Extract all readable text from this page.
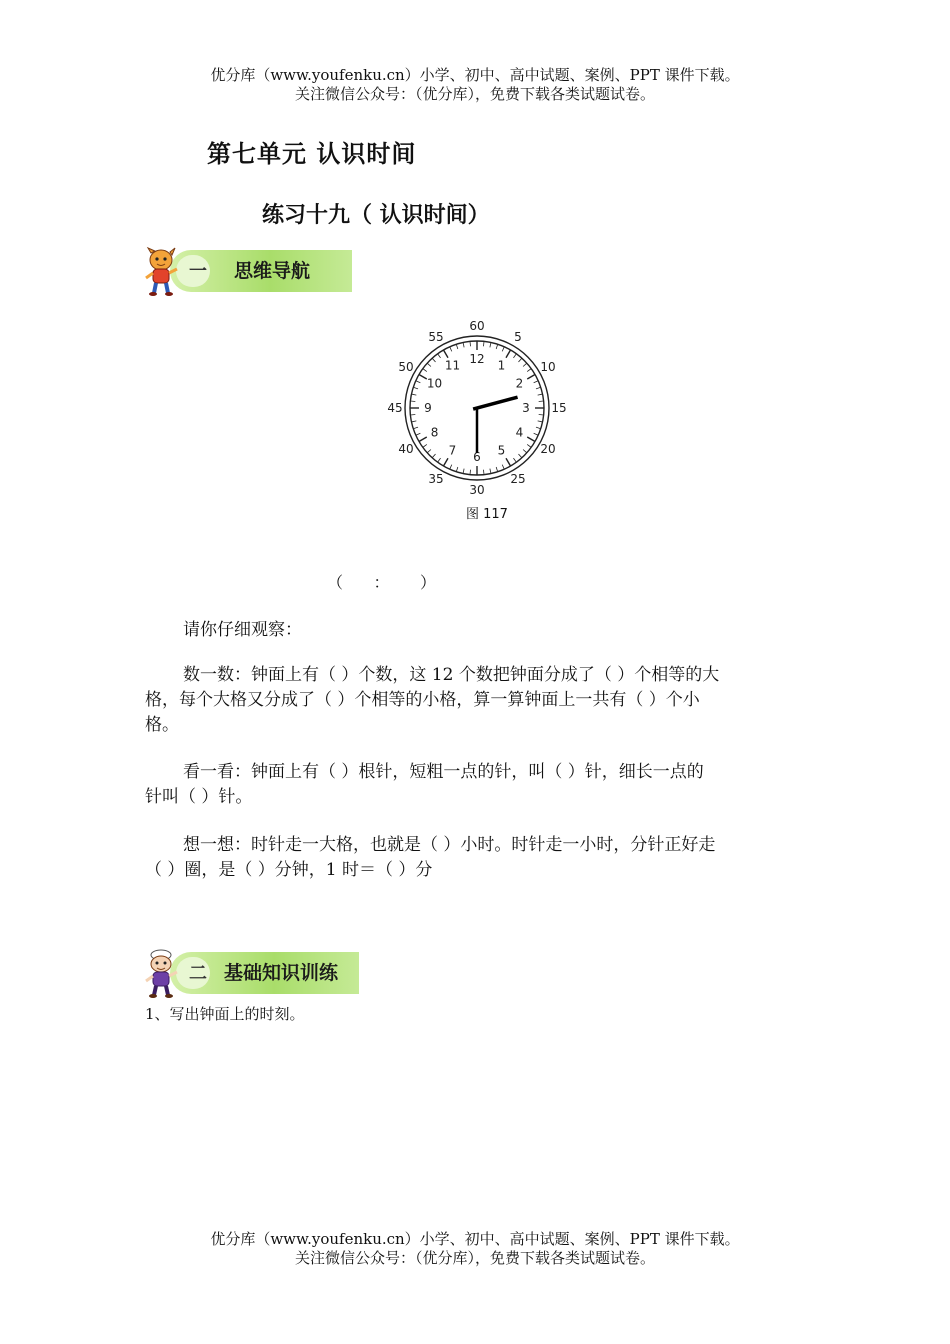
优分库（www.youfenku.cn）小学、初中、高中试题、案例、PPT 课件下载。
关注微信公众号：（优分库），免费下载各类试题试卷。
第七单元 认识时间
练习十九（ 认识时间）
一 思维导航
12 1
2
3
4
5
6
7
8
9
10
11
60
5
10
15
20
25
30
35
40
45
50
55
图 117
（      ：      ）
请你仔细观察：
数一数：钟面上有（ ）个数，这 12 个数把钟面分成了（ ）个相等的大
格，每个大格又分成了（ ）个相等的小格，算一算钟面上一共有（ ）个小
格。
看一看：钟面上有（ ）根针，短粗一点的针，叫（ ）针，细长一点的
针叫（ ）针。
想一想：时针走一大格，也就是（ ）小时。时针走一小时，分针正好走
（ ）圈，是（ ）分钟，1 时＝（ ）分
二 基础知识训练
1、写出钟面上的时刻。
优分库（www.youfenku.cn）小学、初中、高中试题、案例、PPT 课件下载。
关注微信公众号：（优分库），免费下载各类试题试卷。
